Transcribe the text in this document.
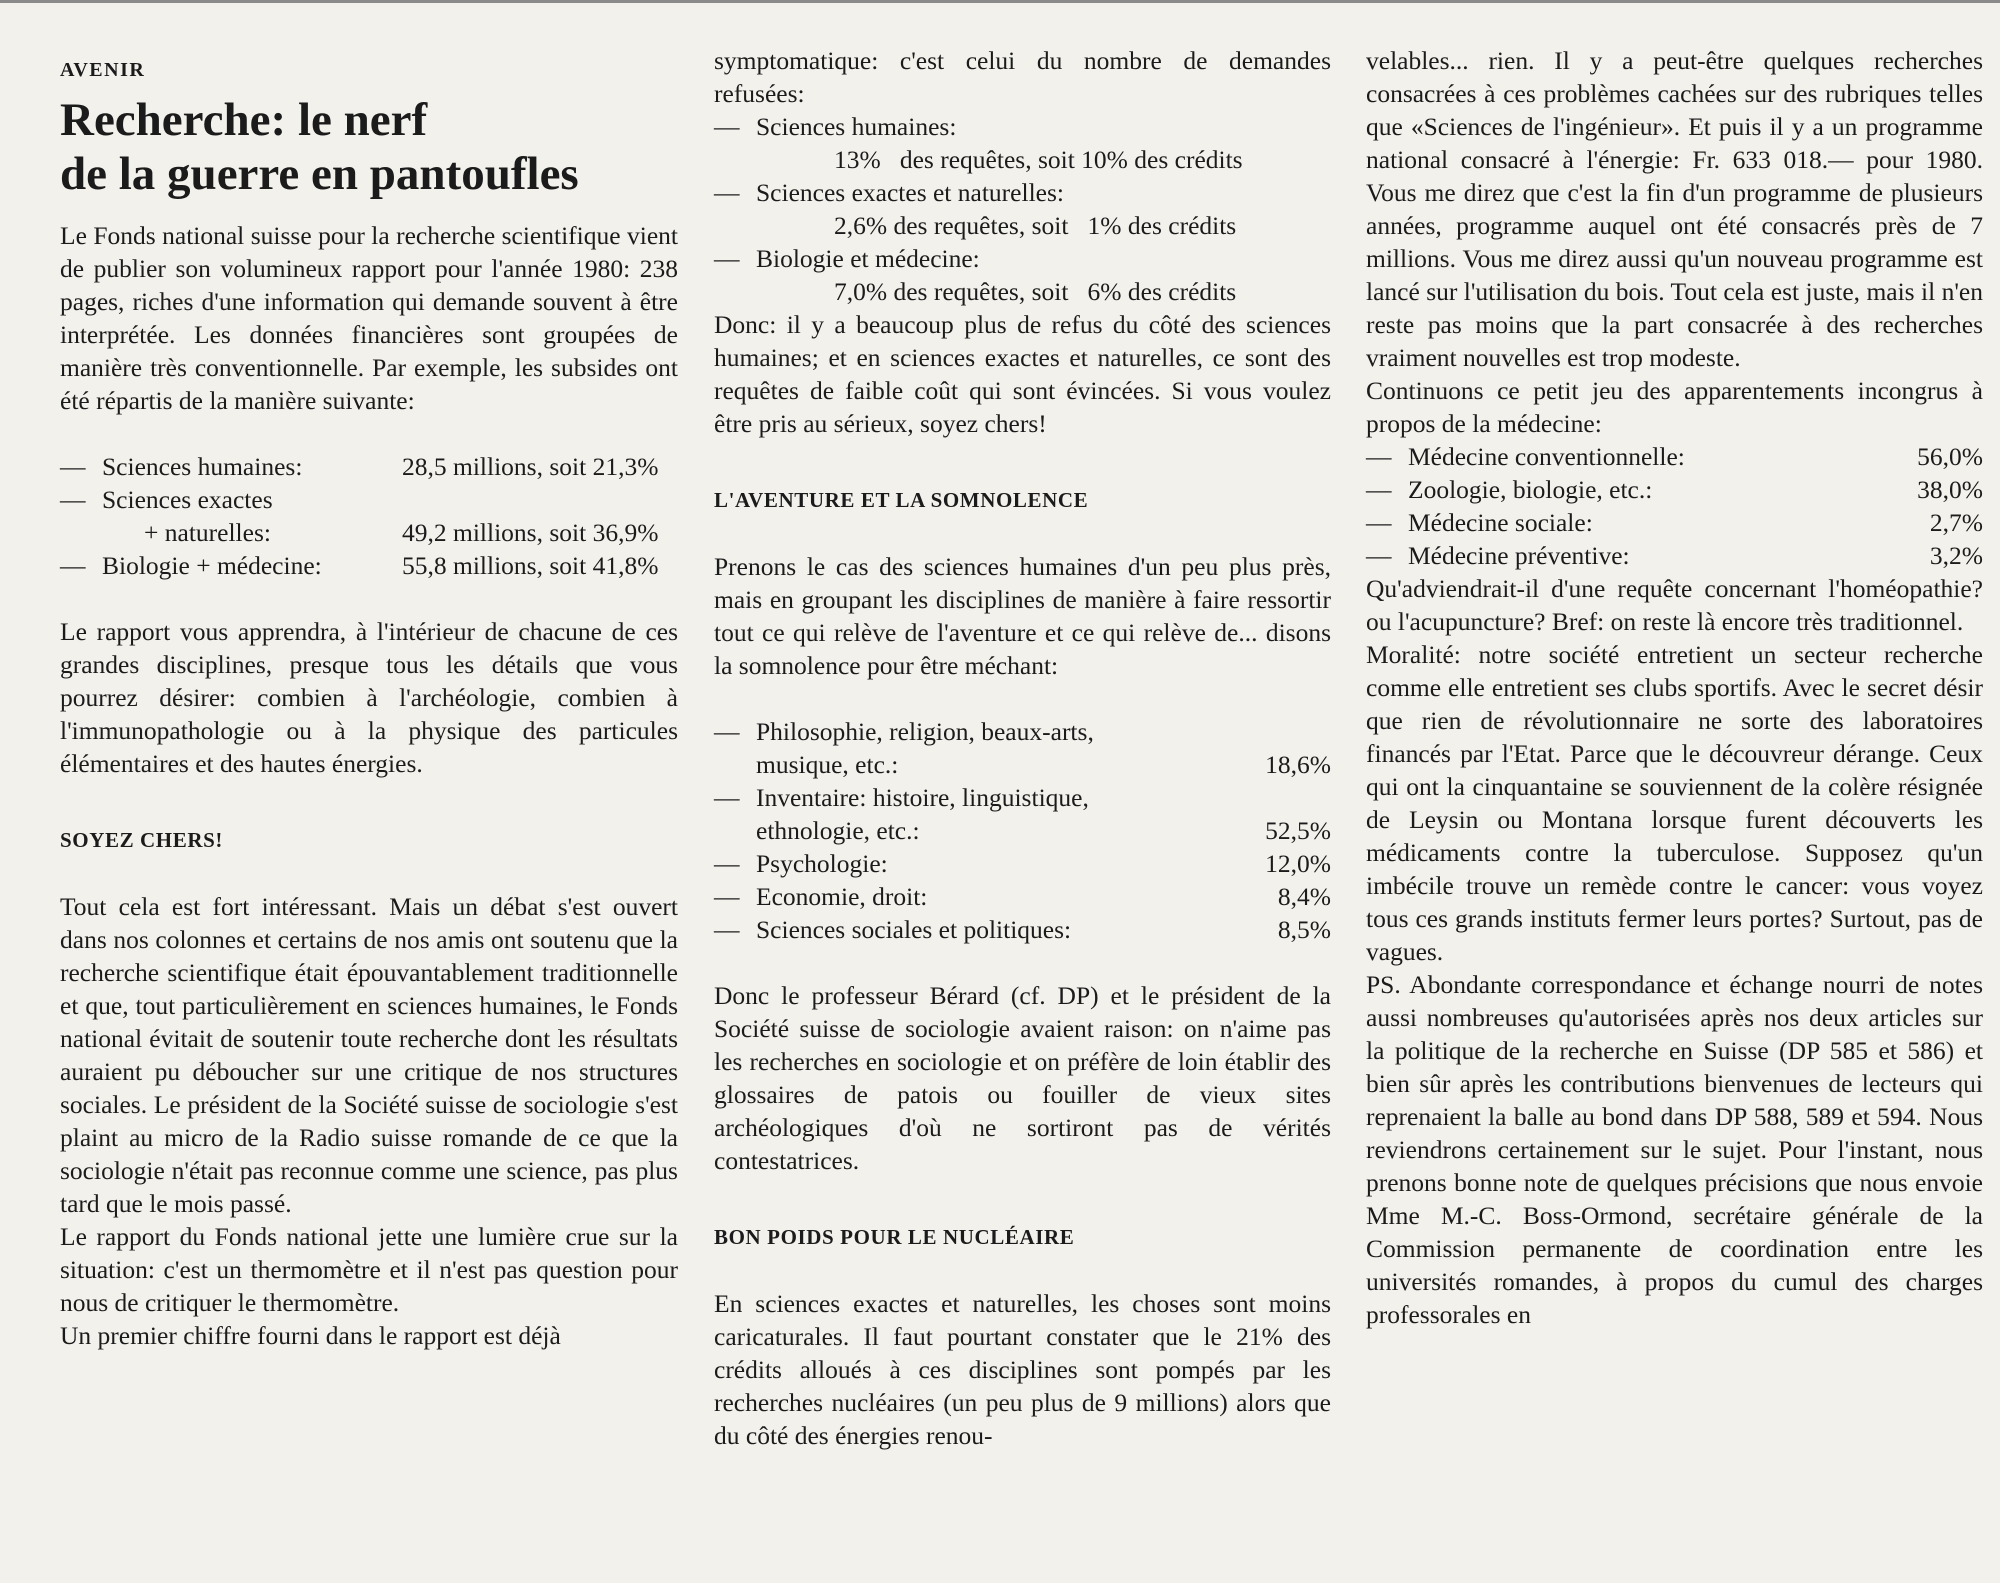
AVENIR
Recherche: le nerf
de la guerre en pantoufles

Le Fonds national suisse pour la recherche scientifique vient de publier son volumineux rapport pour l'année 1980: 238 pages, riches d'une information qui demande souvent à être interprétée. Les données financières sont groupées de manière très conventionnelle. Par exemple, les subsides ont été répartis de la manière suivante:

— Sciences humaines:	28,5 millions, soit 21,3%
— Sciences exactes
+ naturelles:	49,2 millions, soit 36,9%
— Biologie + médecine:	55,8 millions, soit 41,8%

Le rapport vous apprendra, à l'intérieur de chacune de ces grandes disciplines, presque tous les détails que vous pourrez désirer: combien à l'archéologie, combien à l'immunopathologie ou à la physique des particules élémentaires et des hautes énergies.

SOYEZ CHERS!

Tout cela est fort intéressant. Mais un débat s'est ouvert dans nos colonnes et certains de nos amis ont soutenu que la recherche scientifique était épouvantablement traditionnelle et que, tout particulièrement en sciences humaines, le Fonds national évitait de soutenir toute recherche dont les résultats auraient pu déboucher sur une critique de nos structures sociales. Le président de la Société suisse de sociologie s'est plaint au micro de la Radio suisse romande de ce que la sociologie n'était pas reconnue comme une science, pas plus tard que le mois passé.

Le rapport du Fonds national jette une lumière crue sur la situation: c'est un thermomètre et il n'est pas question pour nous de critiquer le thermomètre.

Un premier chiffre fourni dans le rapport est déjà

symptomatique: c'est celui du nombre de demandes refusées:

— Sciences humaines:
13%   des requêtes, soit 10% des crédits
— Sciences exactes et naturelles:
2,6% des requêtes, soit   1% des crédits
— Biologie et médecine:
7,0% des requêtes, soit   6% des crédits

Donc: il y a beaucoup plus de refus du côté des sciences humaines; et en sciences exactes et naturelles, ce sont des requêtes de faible coût qui sont évincées. Si vous voulez être pris au sérieux, soyez chers!

L'AVENTURE ET LA SOMNOLENCE

Prenons le cas des sciences humaines d'un peu plus près, mais en groupant les disciplines de manière à faire ressortir tout ce qui relève de l'aventure et ce qui relève de... disons la somnolence pour être méchant:

— Philosophie, religion, beaux-arts,
musique, etc.:	18,6%
— Inventaire: histoire, linguistique,
ethnologie, etc.:	52,5%
— Psychologie:	12,0%
— Economie, droit:	8,4%
— Sciences sociales et politiques:	8,5%

Donc le professeur Bérard (cf. DP) et le président de la Société suisse de sociologie avaient raison: on n'aime pas les recherches en sociologie et on préfère de loin établir des glossaires de patois ou fouiller de vieux sites archéologiques d'où ne sortiront pas de vérités contestatrices.

BON POIDS POUR LE NUCLÉAIRE

En sciences exactes et naturelles, les choses sont moins caricaturales. Il faut pourtant constater que le 21% des crédits alloués à ces disciplines sont pompés par les recherches nucléaires (un peu plus de 9 millions) alors que du côté des énergies renou-

velables... rien. Il y a peut-être quelques recherches consacrées à ces problèmes cachées sur des rubriques telles que «Sciences de l'ingénieur». Et puis il y a un programme national consacré à l'énergie: Fr. 633 018.— pour 1980. Vous me direz que c'est la fin d'un programme de plusieurs années, programme auquel ont été consacrés près de 7 millions. Vous me direz aussi qu'un nouveau programme est lancé sur l'utilisation du bois. Tout cela est juste, mais il n'en reste pas moins que la part consacrée à des recherches vraiment nouvelles est trop modeste.

Continuons ce petit jeu des apparentements incongrus à propos de la médecine:

— Médecine conventionnelle:	56,0%
— Zoologie, biologie, etc.:	38,0%
— Médecine sociale:	2,7%
— Médecine préventive:	3,2%

Qu'adviendrait-il d'une requête concernant l'homéopathie? ou l'acupuncture? Bref: on reste là encore très traditionnel.

Moralité: notre société entretient un secteur recherche comme elle entretient ses clubs sportifs. Avec le secret désir que rien de révolutionnaire ne sorte des laboratoires financés par l'Etat. Parce que le découvreur dérange. Ceux qui ont la cinquantaine se souviennent de la colère résignée de Leysin ou Montana lorsque furent découverts les médicaments contre la tuberculose. Supposez qu'un imbécile trouve un remède contre le cancer: vous voyez tous ces grands instituts fermer leurs portes? Surtout, pas de vagues.

PS. Abondante correspondance et échange nourri de notes aussi nombreuses qu'autorisées après nos deux articles sur la politique de la recherche en Suisse (DP 585 et 586) et bien sûr après les contributions bienvenues de lecteurs qui reprenaient la balle au bond dans DP 588, 589 et 594. Nous reviendrons certainement sur le sujet. Pour l'instant, nous prenons bonne note de quelques précisions que nous envoie Mme M.-C. Boss-Ormond, secrétaire générale de la Commission permanente de coordination entre les universités romandes, à propos du cumul des charges professorales en
